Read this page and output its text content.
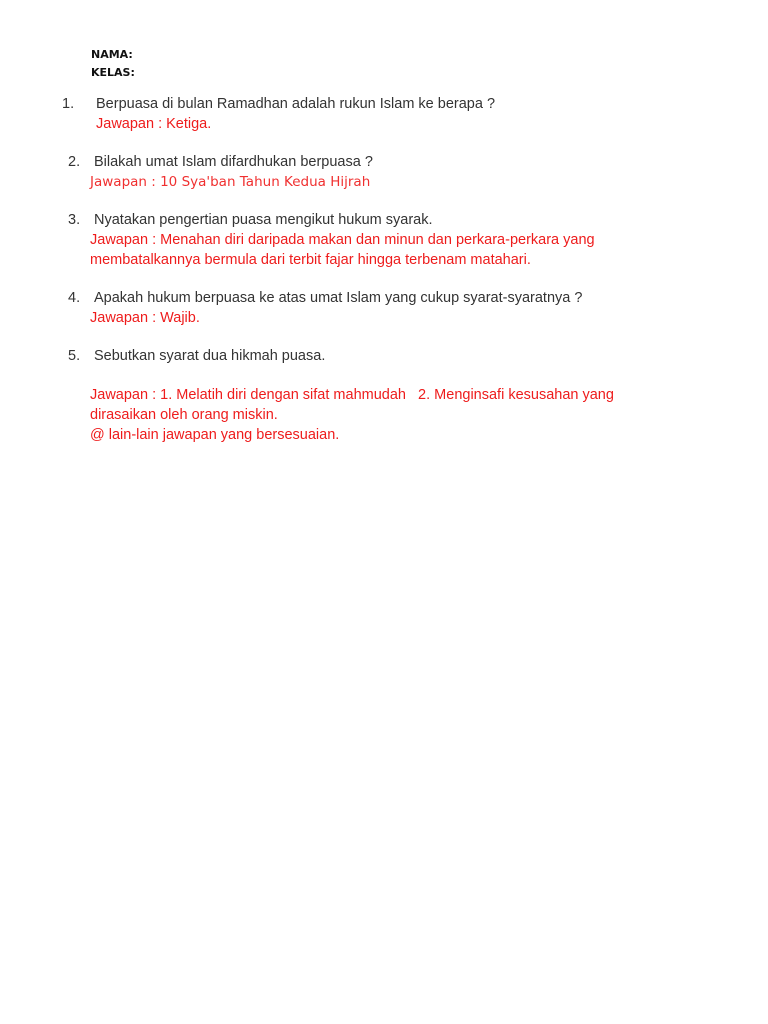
NAMA:
KELAS:
1. Berpuasa di bulan Ramadhan adalah rukun Islam ke berapa ?
Jawapan : Ketiga.
2. Bilakah umat Islam difardhukan berpuasa ?
Jawapan : 10 Sya'ban Tahun Kedua Hijrah
3. Nyatakan pengertian puasa mengikut hukum syarak.
Jawapan : Menahan diri daripada makan dan minun dan perkara-perkara yang
membatalkannya bermula dari terbit fajar hingga terbenam matahari.
4. Apakah hukum berpuasa ke atas umat Islam yang cukup syarat-syaratnya ?
Jawapan : Wajib.
5. Sebutkan syarat dua hikmah puasa.
Jawapan : 1. Melatih diri dengan sifat mahmudah   2. Menginsafi kesusahan yang
dirasaikan oleh orang miskin.
@ lain-lain jawapan yang bersesuaian.
